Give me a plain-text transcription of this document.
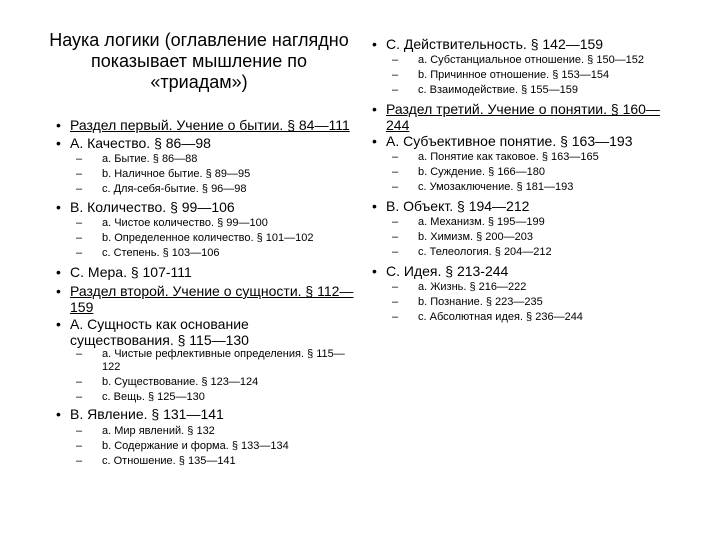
Наука логики (оглавление наглядно показывает мышление по «триадам»)
• Раздел первый. Учение о бытии. § 84—111
• А. Качество. § 86—98
– a. Бытие. § 86—88
– b. Наличное бытие. § 89—95
– c. Для-себя-бытие. § 96—98
• B. Количество. § 99—106
– a. Чистое количество. § 99—100
– b. Определенное количество. § 101—102
– c. Степень. § 103—106
• C. Мера. § 107-111
• Раздел второй. Учение о сущности. § 112—159
• A. Сущность как основание существования. § 115—130
– a. Чистые рефлективные определения. § 115—122
– b. Существование. § 123—124
– c. Вещь. § 125—130
• B. Явление. § 131—141
– a. Мир явлений. § 132
– b. Содержание и форма. § 133—134
– c. Отношение. § 135—141
• C. Действительность. § 142—159
– a. Субстанциальное отношение. § 150—152
– b. Причинное отношение. § 153—154
– c. Взаимодействие. § 155—159
• Раздел третий. Учение о понятии. § 160—244
• A. Субъективное понятие. § 163—193
– a. Понятие как таковое. § 163—165
– b. Суждение. § 166—180
– c. Умозаключение. § 181—193
• B. Объект. § 194—212
– a. Механизм. § 195—199
– b. Химизм. § 200—203
– c. Телеология. § 204—212
• C. Идея. § 213-244
– a. Жизнь. § 216—222
– b. Познание. § 223—235
– c. Абсолютная идея. § 236—244
